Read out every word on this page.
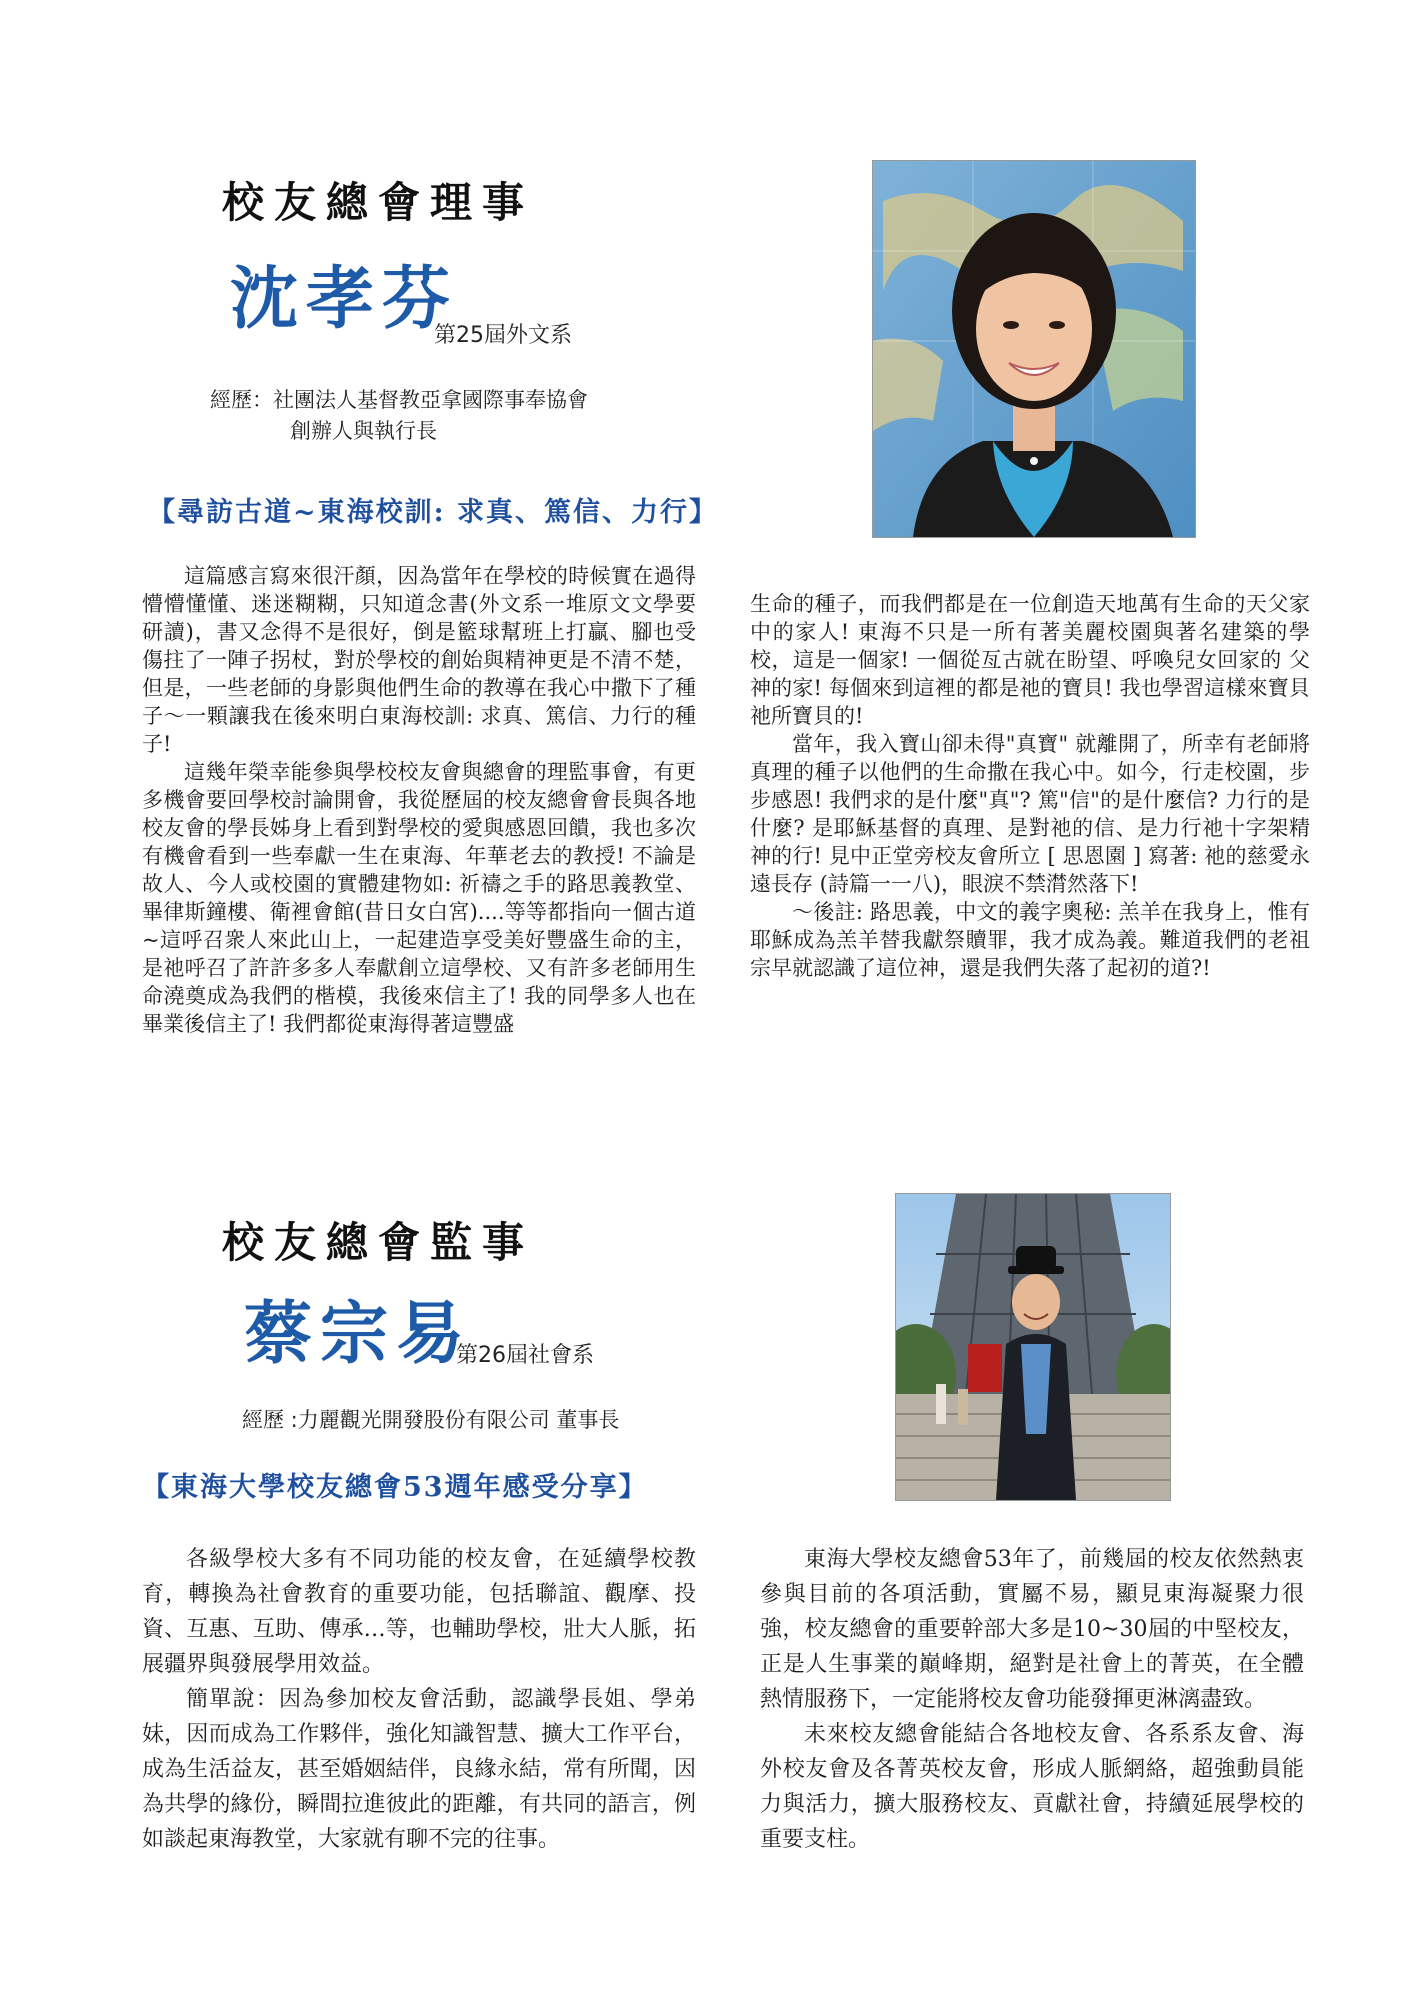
校友總會理事
沈孝芬
第25屆外文系
經歷：社團法人基督教亞拿國際事奉協會
創辦人與執行長
【尋訪古道~東海校訓: 求真、篤信、力行】

這篇感言寫來很汗顏，因為當年在學校的時候實在過得懵懵懂懂、迷迷糊糊，只知道念書(外文系一堆原文文學要研讀)，書又念得不是很好，倒是籃球幫班上打贏、腳也受傷拄了一陣子拐杖，對於學校的創始與精神更是不清不楚，但是，一些老師的身影與他們生命的教導在我心中撒下了種子～一顆讓我在後來明白東海校訓: 求真、篤信、力行的種子!

這幾年榮幸能參與學校校友會與總會的理監事會，有更多機會要回學校討論開會，我從歷屆的校友總會會長與各地校友會的學長姊身上看到對學校的愛與感恩回饋，我也多次有機會看到一些奉獻一生在東海、年華老去的教授! 不論是故人、今人或校園的實體建物如: 祈禱之手的路思義教堂、畢律斯鐘樓、衛裡會館(昔日女白宮)....等等都指向一個古道~這呼召衆人來此山上，一起建造享受美好豐盛生命的主，是祂呼召了許許多多人奉獻創立這學校、又有許多老師用生命澆奠成為我們的楷模，我後來信主了! 我的同學多人也在畢業後信主了! 我們都從東海得著這豐盛

生命的種子，而我們都是在一位創造天地萬有生命的天父家中的家人! 東海不只是一所有著美麗校園與著名建築的學校，這是一個家! 一個從亙古就在盼望、呼喚兒女回家的 父神的家! 每個來到這裡的都是祂的寶貝! 我也學習這樣來寶貝祂所寶貝的!

當年，我入寶山卻未得"真寶" 就離開了，所幸有老師將真理的種子以他們的生命撒在我心中。如今，行走校園，步步感恩! 我們求的是什麼"真"? 篤"信"的是什麼信? 力行的是什麼? 是耶穌基督的真理、是對祂的信、是力行祂十字架精神的行! 見中正堂旁校友會所立 [ 思恩園 ] 寫著: 祂的慈愛永遠長存 (詩篇一一八)，眼淚不禁潸然落下!

～後註: 路思義，中文的義字奧秘: 羔羊在我身上，惟有耶穌成為羔羊替我獻祭贖罪，我才成為義。難道我們的老祖宗早就認識了這位神，還是我們失落了起初的道?!

校友總會監事
蔡宗易
第26屆社會系
經歷 :力麗觀光開發股份有限公司 董事長
【東海大學校友總會53週年感受分享】

各級學校大多有不同功能的校友會，在延續學校教育，轉換為社會教育的重要功能，包括聯誼、觀摩、投資、互惠、互助、傳承…等，也輔助學校，壯大人脈，拓展疆界與發展學用效益。

簡單說：因為參加校友會活動，認識學長姐、學弟妹，因而成為工作夥伴，強化知識智慧、擴大工作平台，成為生活益友，甚至婚姻結伴，良緣永結，常有所聞，因為共學的緣份，瞬間拉進彼此的距離，有共同的語言，例如談起東海教堂，大家就有聊不完的往事。

東海大學校友總會53年了，前幾屆的校友依然熱衷參與目前的各項活動，實屬不易，顯見東海凝聚力很強，校友總會的重要幹部大多是10~30屆的中堅校友，正是人生事業的巔峰期，絕對是社會上的菁英，在全體熱情服務下，一定能將校友會功能發揮更淋漓盡致。

未來校友總會能結合各地校友會、各系系友會、海外校友會及各菁英校友會，形成人脈網絡，超強動員能力與活力，擴大服務校友、貢獻社會，持續延展學校的重要支柱。
